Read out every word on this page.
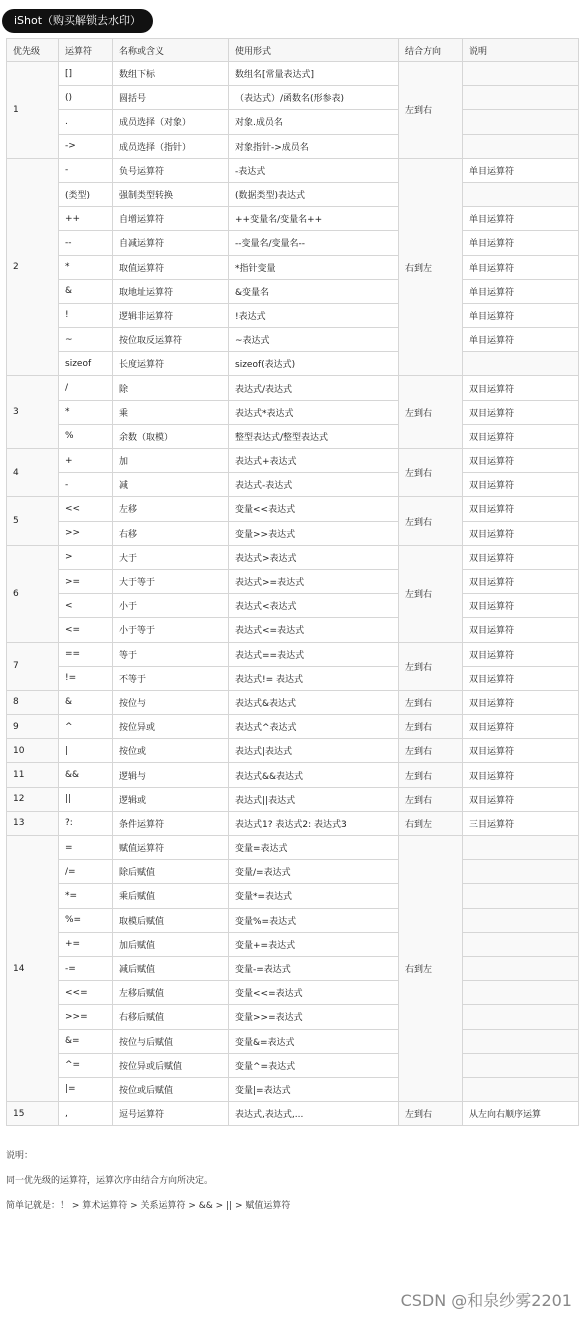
iShot（购买解锁去水印）
优先级	运算符	名称或含义	使用形式	结合方向	说明
1	[]	数组下标	数组名[常量表达式]	左到右	
	()	圆括号	（表达式）/函数名(形参表)		
	.	成员选择（对象）	对象.成员名		
	->	成员选择（指针）	对象指针->成员名		
2	-	负号运算符	-表达式	右到左	单目运算符
	(类型)	强制类型转换	(数据类型)表达式		
	++	自增运算符	++变量名/变量名++		单目运算符
	--	自减运算符	--变量名/变量名--		单目运算符
	*	取值运算符	*指针变量		单目运算符
	&	取地址运算符	&变量名		单目运算符
	!	逻辑非运算符	!表达式		单目运算符
	~	按位取反运算符	~表达式		单目运算符
	sizeof	长度运算符	sizeof(表达式)		
3	/	除	表达式/表达式	左到右	双目运算符
	*	乘	表达式*表达式		双目运算符
	%	余数（取模）	整型表达式/整型表达式		双目运算符
4	+	加	表达式+表达式	左到右	双目运算符
	-	减	表达式-表达式		双目运算符
5	<<	左移	变量<<表达式	左到右	双目运算符
	>>	右移	变量>>表达式		双目运算符
6	>	大于	表达式>表达式	左到右	双目运算符
	>=	大于等于	表达式>=表达式		双目运算符
	<	小于	表达式<表达式		双目运算符
	<=	小于等于	表达式<=表达式		双目运算符
7	==	等于	表达式==表达式	左到右	双目运算符
	!=	不等于	表达式!= 表达式		双目运算符
8	&	按位与	表达式&表达式	左到右	双目运算符
9	^	按位异或	表达式^表达式	左到右	双目运算符
10	|	按位或	表达式|表达式	左到右	双目运算符
11	&&	逻辑与	表达式&&表达式	左到右	双目运算符
12	||	逻辑或	表达式||表达式	左到右	双目运算符
13	?:	条件运算符	表达式1? 表达式2: 表达式3	右到左	三目运算符
14	=	赋值运算符	变量=表达式	右到左	
	/=	除后赋值	变量/=表达式		
	*=	乘后赋值	变量*=表达式		
	%=	取模后赋值	变量%=表达式		
	+=	加后赋值	变量+=表达式		
	-=	减后赋值	变量-=表达式		
	<<=	左移后赋值	变量<<=表达式		
	>>=	右移后赋值	变量>>=表达式		
	&=	按位与后赋值	变量&=表达式		
	^=	按位异或后赋值	变量^=表达式		
	|=	按位或后赋值	变量|=表达式		
15	,	逗号运算符	表达式,表达式,...	左到右	从左向右顺序运算
说明：
同一优先级的运算符，运算次序由结合方向所决定。
简单记就是：！ > 算术运算符 > 关系运算符 > && > || > 赋值运算符
CSDN @和泉纱雾2201
